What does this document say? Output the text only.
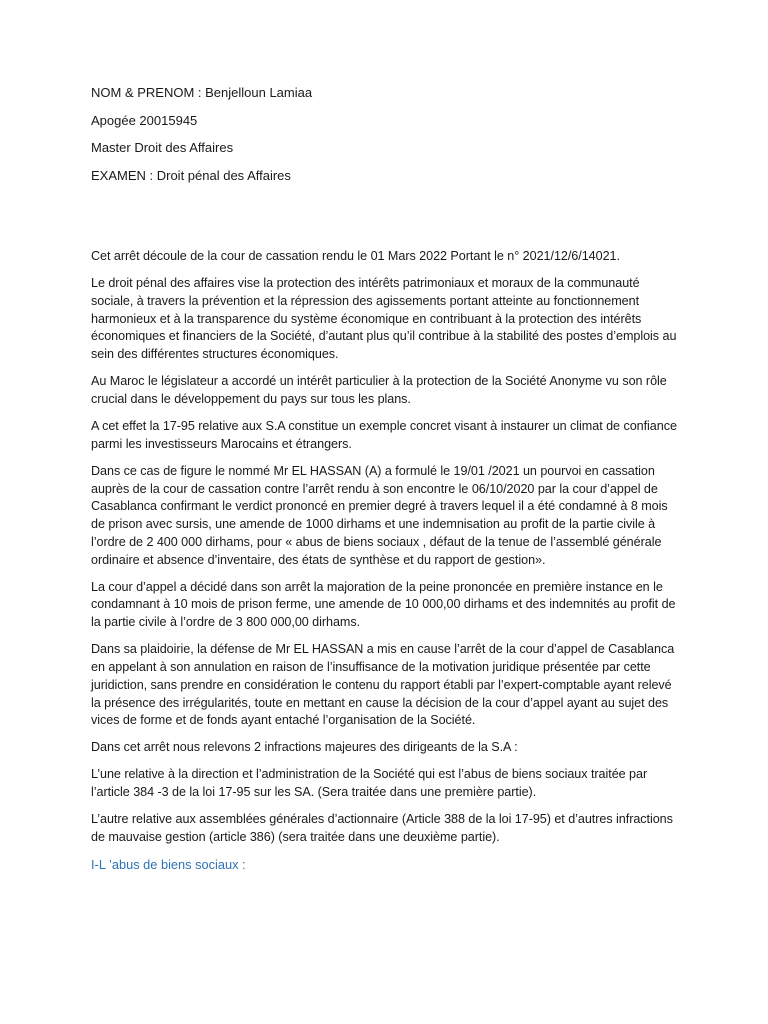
NOM & PRENOM : Benjelloun Lamiaa

Apogée 20015945

Master Droit des Affaires

EXAMEN : Droit pénal des Affaires

Cet arrêt découle de la cour de cassation rendu le 01 Mars 2022 Portant le n° 2021/12/6/14021.

Le droit pénal des affaires vise la protection des intérêts patrimoniaux et moraux de la communauté sociale, à travers la prévention et la répression des agissements portant atteinte au fonctionnement harmonieux et à la transparence du système économique en contribuant à la protection des intérêts économiques et financiers de la Société, d’autant plus qu’il contribue à la stabilité des postes d’emplois au sein des différentes structures économiques.

Au Maroc le législateur a accordé un intérêt particulier à la protection de la Société Anonyme vu son rôle crucial dans le développement du pays sur tous les plans.

A cet effet la 17-95 relative aux S.A constitue un exemple concret visant à instaurer un climat de confiance parmi les investisseurs Marocains et étrangers.

Dans ce cas de figure le nommé Mr EL HASSAN (A) a formulé le 19/01 /2021 un pourvoi en cassation auprès de la cour de cassation contre l’arrêt rendu à son encontre le 06/10/2020 par la cour d’appel de Casablanca confirmant le verdict prononcé en premier degré à travers lequel il a été condamné à 8 mois de prison avec sursis, une amende de 1000 dirhams et une indemnisation au profit de la partie civile à l’ordre de 2 400 000 dirhams, pour « abus de biens sociaux , défaut de la tenue de l’assemblé générale ordinaire et absence d’inventaire, des états de synthèse et du rapport de gestion».

La cour d’appel a décidé dans son arrêt la majoration de la peine prononcée en première instance en le condamnant à 10 mois de prison ferme, une amende de 10 000,00 dirhams et des indemnités au profit de la partie civile à l’ordre de 3 800 000,00 dirhams.

Dans sa plaidoirie, la défense de Mr EL HASSAN a mis en cause l’arrêt de la cour d’appel de Casablanca en appelant à son annulation en raison de l’insuffisance de la motivation juridique présentée par cette juridiction, sans prendre en considération le contenu du rapport établi par l’expert-comptable ayant relevé la présence des irrégularités, toute en mettant en cause la décision de la cour d’appel ayant au sujet des vices de forme et de fonds ayant entaché l’organisation de la Société.

Dans cet arrêt nous relevons 2 infractions majeures des dirigeants de la S.A :

L’une relative à la direction et l’administration de la Société qui est l’abus de biens sociaux traitée par l’article 384 -3 de la loi 17-95 sur les SA. (Sera traitée dans une première partie).

L’autre relative aux assemblées générales d’actionnaire (Article 388 de la loi 17-95) et d’autres infractions de mauvaise gestion (article 386) (sera traitée dans une deuxième partie).

I-L ’abus de biens sociaux :
